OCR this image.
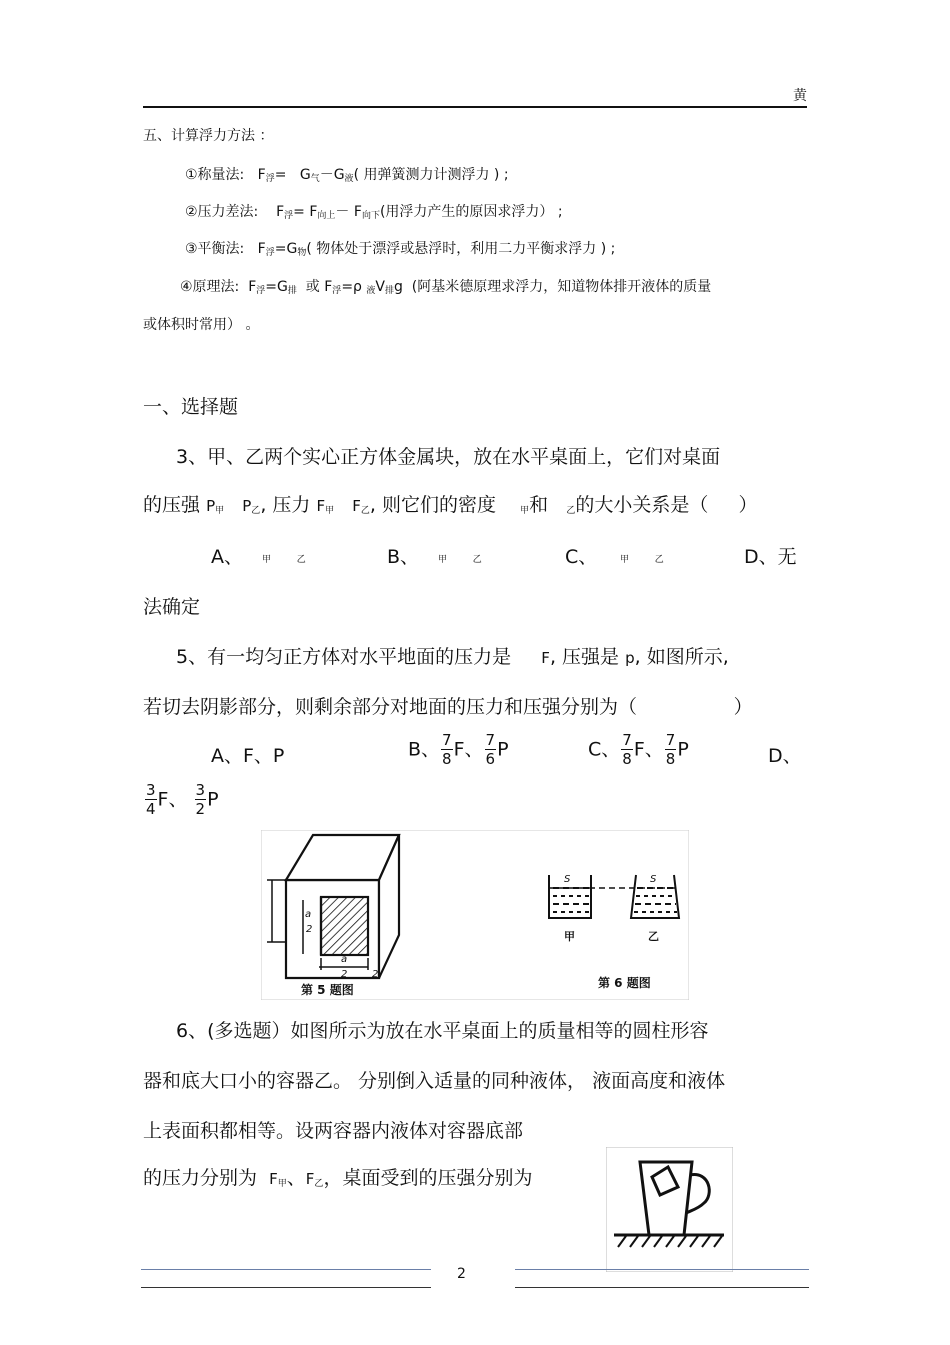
黄
五、计算浮力方法 ：
①称量法: $F_浮= G_气-G_液$( 用弹簧测力计测浮力 ) ;
②压力差法: $F_浮= F_{向上}- F_{向下}$(用浮力产生的原因求浮力） ;
③平衡法: $F_浮=G_物$( 物体处于漂浮或悬浮时，利用二力平衡求浮力 ) ;
④原理法: $F_浮=G_排$ 或 $F_浮=\rho$ $_液V_排g$ (阿基米德原理求浮力，知道物体排开液体的质量
或体积时常用） 。
一、选择题
3、甲、乙两个实心正方体金属块，放在水平桌面上，它们对桌面
的压强 $P_甲$ $P_乙$, 压力 $F_甲$ $F_乙$, 则它们的密度	$_甲$和 $_乙$的大小关系是（ ）
A、 甲	乙	B、 甲	乙	C、	甲	乙	D、无
法确定
5、有一均匀正方体对水平地面的压力是 F, 压强是 p, 如图所示,
若切去阴影部分，则剩余部分对地面的压力和压强分别为（	）
A、F、P	B、 $\frac{7}{8}$ F、 $\frac{7}{6}$ P	C、 $\frac{7}{8}$ F、 $\frac{7}{8}$ P	D、
$\frac{3}{4}$ F、 $\frac{3}{2}$ P
a
2
a
2 2
第 5 题图
S	S
甲	乙
第 6 题图
6、(多选题）如图所示为放在水平桌面上的质量相等的圆柱形容
器和底大口小的容器乙。 分别倒入适量的同种液体， 液面高度和液体
上表面积都相等。设两容器内液体对容器底部
的压力分别为 $F_甲$、$F_乙$，桌面受到的压强分别为
2
